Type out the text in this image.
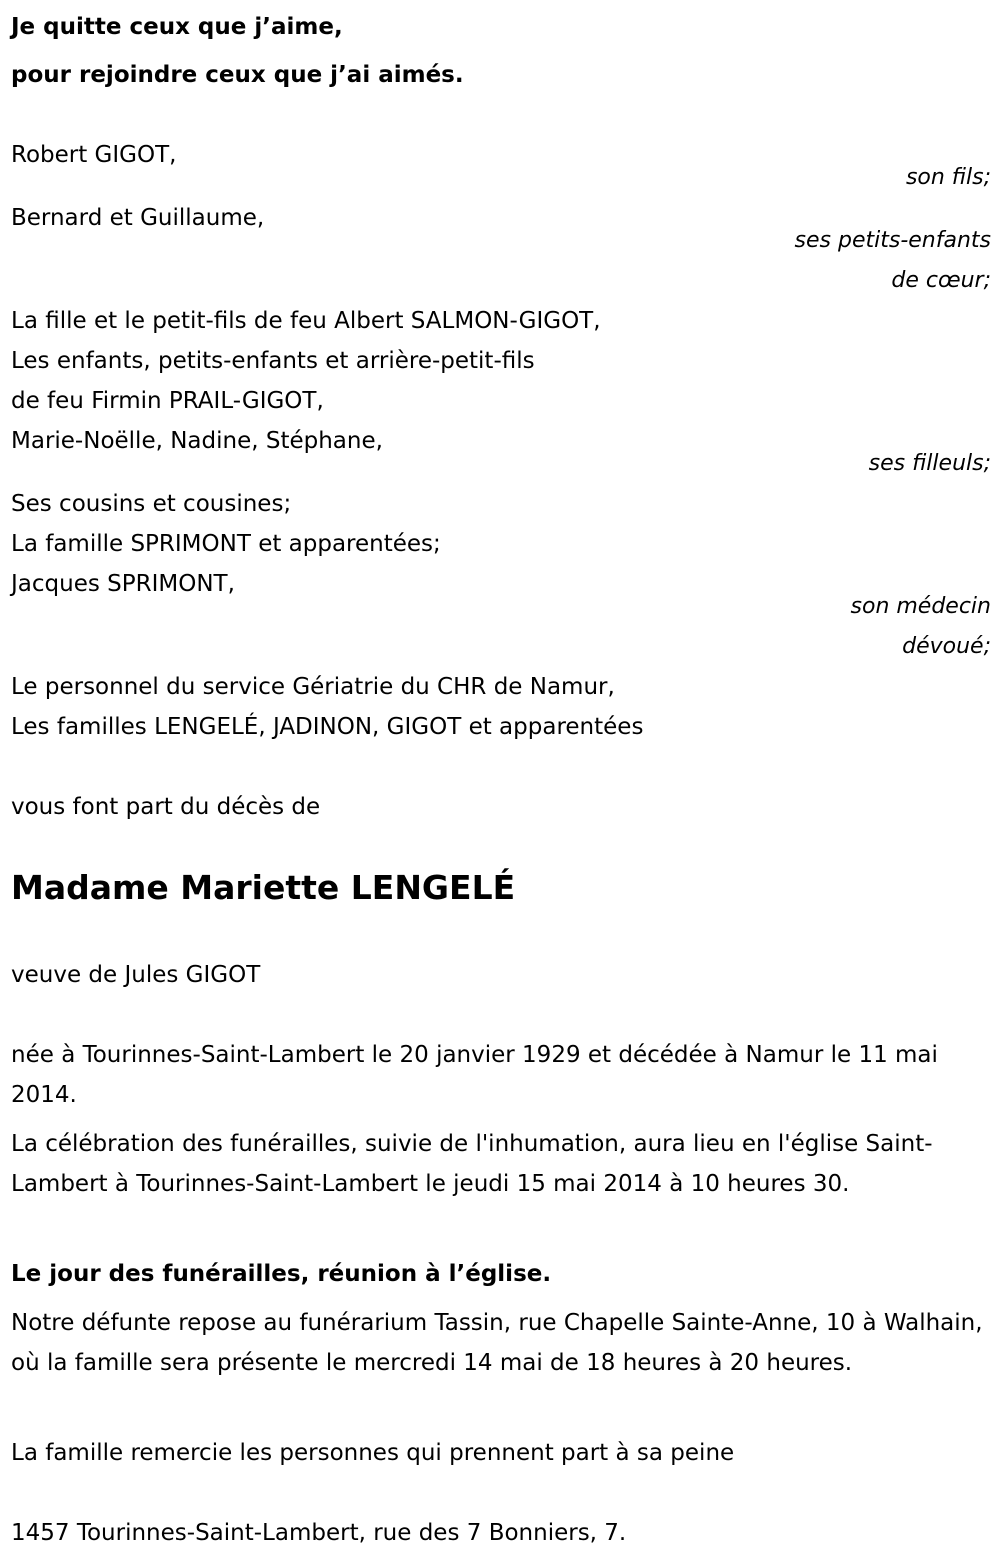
Je quitte ceux que j’aime,

pour rejoindre ceux que j’ai aimés.

Robert GIGOT,

son fils;

Bernard et Guillaume,

ses petits-enfants

de cœur;

La fille et le petit-fils de feu Albert SALMON-GIGOT,

Les enfants, petits-enfants et arrière-petit-fils

de feu Firmin PRAIL-GIGOT,

Marie-Noëlle, Nadine, Stéphane,

ses filleuls;

Ses cousins et cousines;

La famille SPRIMONT et apparentées;

Jacques SPRIMONT,

son médecin

dévoué;

Le personnel du service Gériatrie du CHR de Namur,

Les familles LENGELÉ, JADINON, GIGOT et apparentées

vous font part du décès de

Madame Mariette LENGELÉ

veuve de Jules GIGOT

née à Tourinnes-Saint-Lambert le 20 janvier 1929 et décédée à Namur le 11 mai 2014.

La célébration des funérailles, suivie de l'inhumation, aura lieu en l'église Saint-Lambert à Tourinnes-Saint-Lambert le jeudi 15 mai 2014 à 10 heures 30.

Le jour des funérailles, réunion à l’église.

Notre défunte repose au funérarium Tassin, rue Chapelle Sainte-Anne, 10 à Walhain, où la famille sera présente le mercredi 14 mai de 18 heures à 20 heures.

La famille remercie les personnes qui prennent part à sa peine

1457 Tourinnes-Saint-Lambert, rue des 7 Bonniers, 7.
